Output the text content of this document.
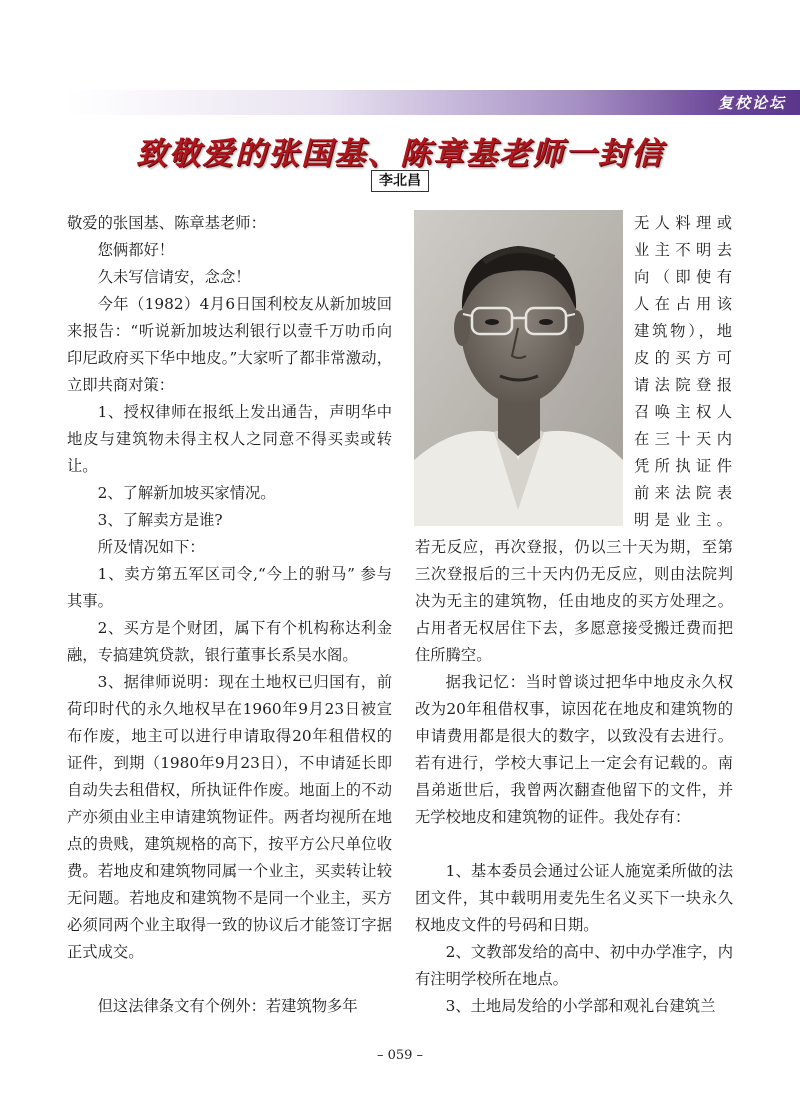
复校论坛
致敬爱的张国基、陈章基老师一封信
李北昌
敬爱的张国基、陈章基老师：
您俩都好！
久未写信请安，念念！
今年（1982）4月6日国利校友从新加坡回来报告：“听说新加坡达利银行以壹千万叻币向印尼政府买下华中地皮。”大家听了都非常激动，立即共商对策：
1、授权律师在报纸上发出通告，声明华中地皮与建筑物未得主权人之同意不得买卖或转让。
2、了解新加坡买家情况。
3、了解卖方是谁?
所及情况如下：
1、卖方第五军区司令,“今上的驸马” 参与其事。
2、买方是个财团，属下有个机构称达利金融，专搞建筑贷款，银行董事长系吴水阁。
3、据律师说明：现在土地权已归国有，前荷印时代的永久地权早在1960年9月23日被宣布作废，地主可以进行申请取得20年租借权的证件，到期（1980年9月23日），不申请延长即自动失去租借权，所执证件作废。地面上的不动产亦须由业主申请建筑物证件。两者均视所在地点的贵贱，建筑规格的高下，按平方公尺单位收费。若地皮和建筑物同属一个业主，买卖转让较无问题。若地皮和建筑物不是同一个业主，买方必须同两个业主取得一致的协议后才能签订字据正式成交。
但这法律条文有个例外：若建筑物多年
无人料理或
业主不明去
向（即使有
人在占用该
建筑物），地
皮的买方可
请法院登报
召唤主权人
在三十天内
凭所执证件
前来法院表
明是业主。
若无反应，再次登报，仍以三十天为期，至第三次登报后的三十天内仍无反应，则由法院判决为无主的建筑物，任由地皮的买方处理之。占用者无权居住下去，多愿意接受搬迁费而把住所腾空。
据我记忆：当时曾谈过把华中地皮永久权改为20年租借权事，谅因花在地皮和建筑物的申请费用都是很大的数字，以致没有去进行。若有进行，学校大事记上一定会有记载的。南昌弟逝世后，我曾两次翻查他留下的文件，并无学校地皮和建筑物的证件。我处存有：
1、基本委员会通过公证人施宽柔所做的法团文件，其中载明用麦先生名义买下一块永久权地皮文件的号码和日期。
2、文教部发给的高中、初中办学准字，内有注明学校所在地点。
3、土地局发给的小学部和观礼台建筑兰
– 059 –
